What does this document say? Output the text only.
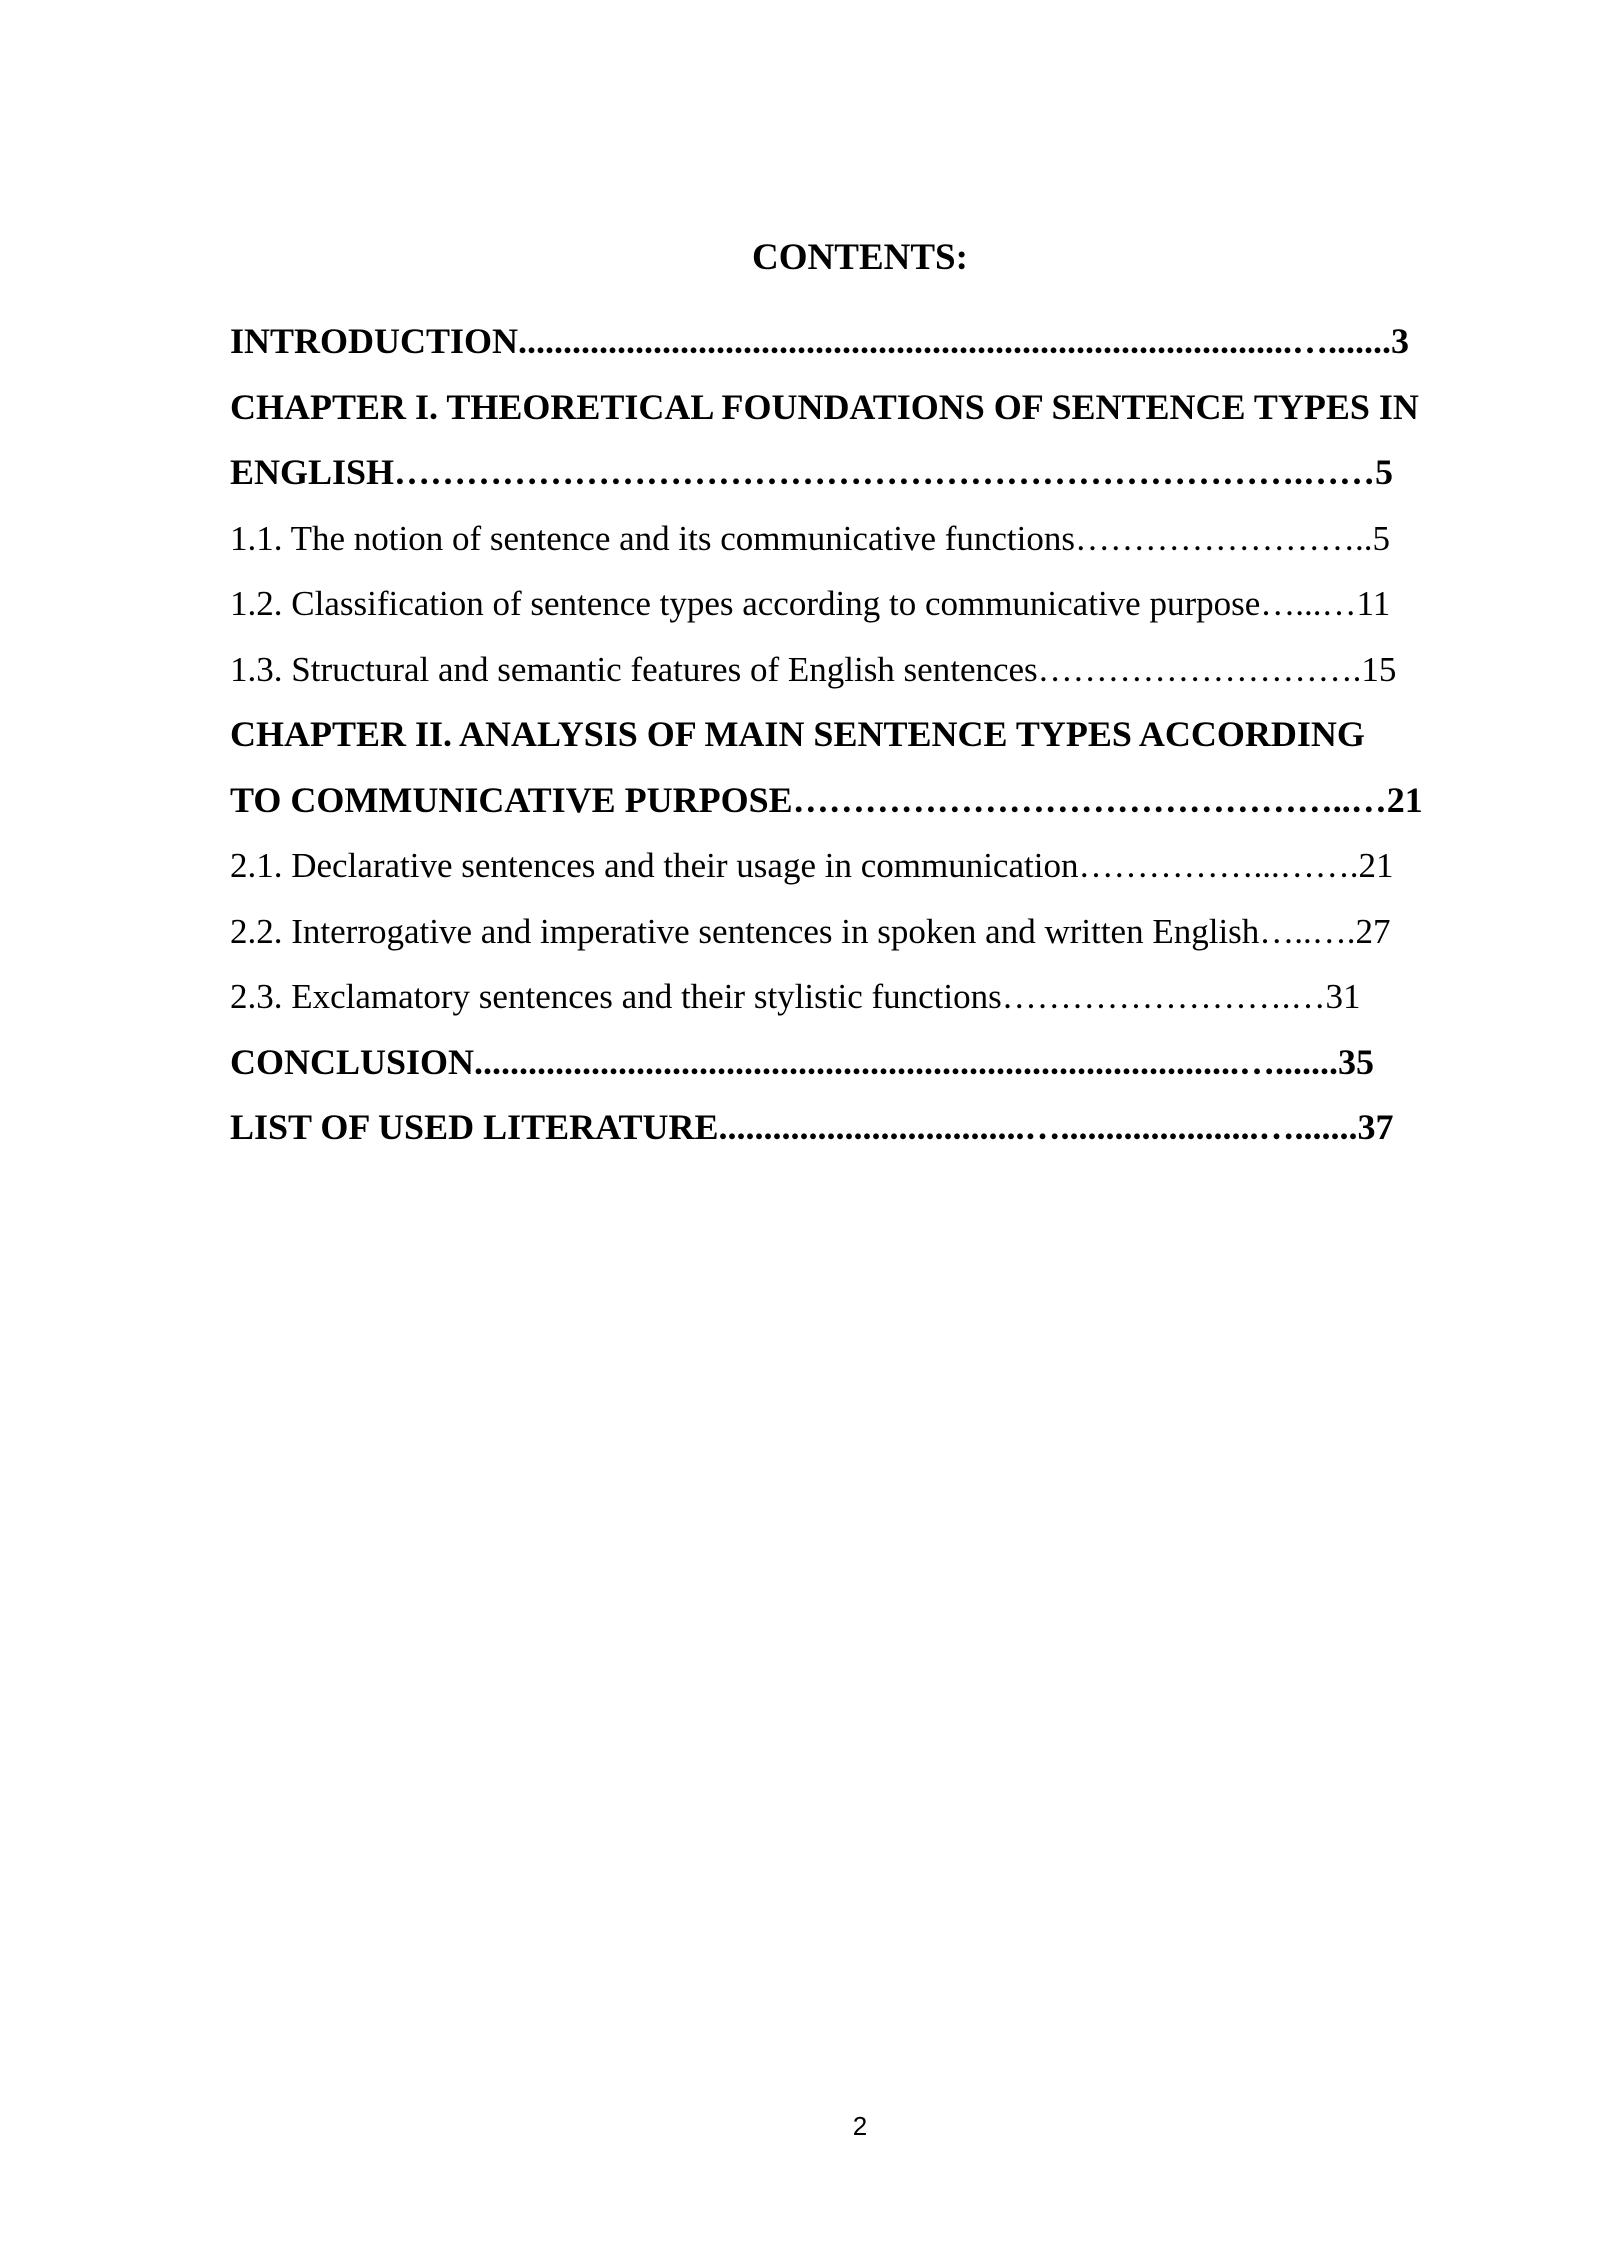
CONTENTS:
INTRODUCTION......................................................................................….......3
CHAPTER I. THEORETICAL FOUNDATIONS OF SENTENCE TYPES IN
ENGLISH………………………………………………………………….……5
1.1. The notion of sentence and its communicative functions……………………..5
1.2. Classification of sentence types according to communicative purpose…...…11
1.3. Structural and semantic features of English sentences……………………….15
CHAPTER II. ANALYSIS OF MAIN SENTENCE TYPES ACCORDING
TO COMMUNICATIVE PURPOSE………………………………………..…21
2.1. Declarative sentences and their usage in communication……………...…….21
2.2. Interrogative and imperative sentences in spoken and written English…..….27
2.3. Exclamatory sentences and their stylistic functions…………………….…31
CONCLUSION.....................................................................................….......35
LIST OF USED LITERATURE..................................…......................….......37
2
